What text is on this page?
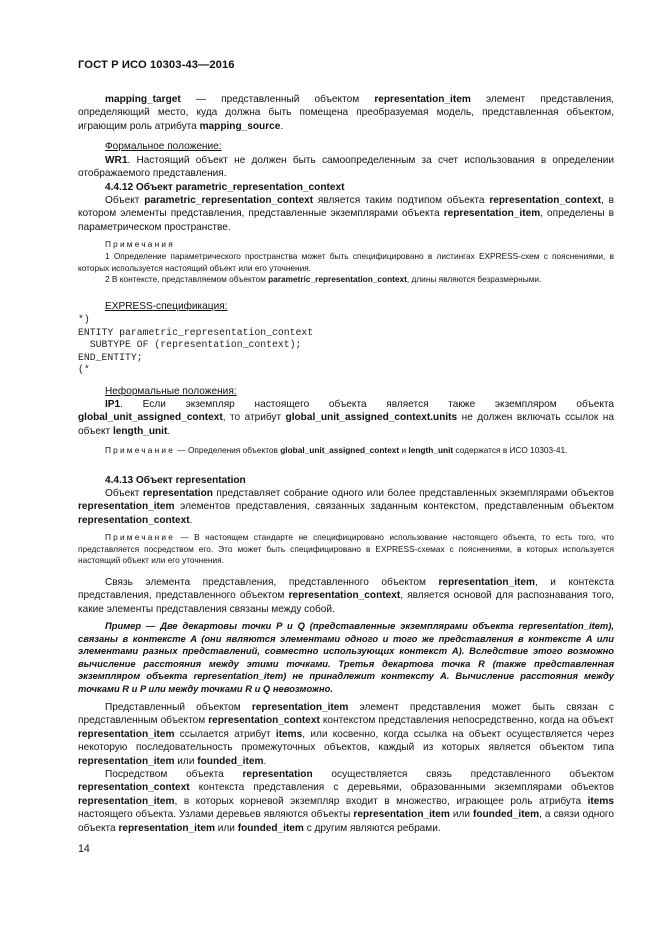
ГОСТ Р ИСО 10303-43—2016

mapping_target — представленный объектом representation_item элемент представления, определяющий место, куда должна быть помещена преобразуемая модель, представленная объектом, играющим роль атрибута mapping_source.

Формальное положение:

WR1. Настоящий объект не должен быть самоопределенным за счет использования в определении отображаемого представления.

4.4.12 Объект parametric_representation_context

Объект parametric_representation_context является таким подтипом объекта representation_context, в котором элементы представления, представленные экземплярами объекта representation_item, определены в параметрическом пространстве.

Примечания

1 Определение параметрического пространства может быть специфицировано в листингах EXPRESS-схем с пояснениями, в которых используется настоящий объект или его уточнения.

2 В контексте, представляемом объектом parametric_representation_context, длины являются безразмерными.

EXPRESS-спецификация:

*)
ENTITY parametric_representation_context
SUBTYPE OF (representation_context);
END_ENTITY;
(*

Неформальные положения:

IP1. Если экземпляр настоящего объекта является также экземпляром объекта global_unit_assigned_context, то атрибут global_unit_assigned_context.units не должен включать ссылок на объект length_unit.

Примечание — Определения объектов global_unit_assigned_context и length_unit содержатся в ИСО 10303-41.

4.4.13 Объект representation

Объект representation представляет собрание одного или более представленных экземплярами объектов representation_item элементов представления, связанных заданным контекстом, представленным объектом representation_context.

Примечание — В настоящем стандарте не специфицировано использование настоящего объекта, то есть того, что представляется посредством его. Это может быть специфицировано в EXPRESS-схемах с пояснениями, в которых используется настоящий объект или его уточнения.

Связь элемента представления, представленного объектом representation_item, и контекста представления, представленного объектом representation_context, является основой для распознавания того, какие элементы представления связаны между собой.

Пример — Две декартовы точки P и Q (представленные экземплярами объекта representation_item), связаны в контексте A (они являются элементами одного и того же представления в контексте A или элементами разных представлений, совместно использующих контекст A). Вследствие этого возможно вычисление расстояния между этими точками. Третья декартова точка R (также представленная экземпляром объекта representation_item) не принадлежит контексту A. Вычисление расстояния между точками R и P или между точками R и Q невозможно.

Представленный объектом representation_item элемент представления может быть связан с представленным объектом representation_context контекстом представления непосредственно, когда на объект representation_item ссылается атрибут items, или косвенно, когда ссылка на объект осуществляется через некоторую последовательность промежуточных объектов, каждый из которых является объектом типа representation_item или founded_item.

Посредством объекта representation осуществляется связь представленного объектом representation_context контекста представления с деревьями, образованными экземплярами объектов representation_item, в которых корневой экземпляр входит в множество, играющее роль атрибута items настоящего объекта. Узлами деревьев являются объекты representation_item или founded_item, а связи одного объекта representation_item или founded_item с другим являются ребрами.

14
